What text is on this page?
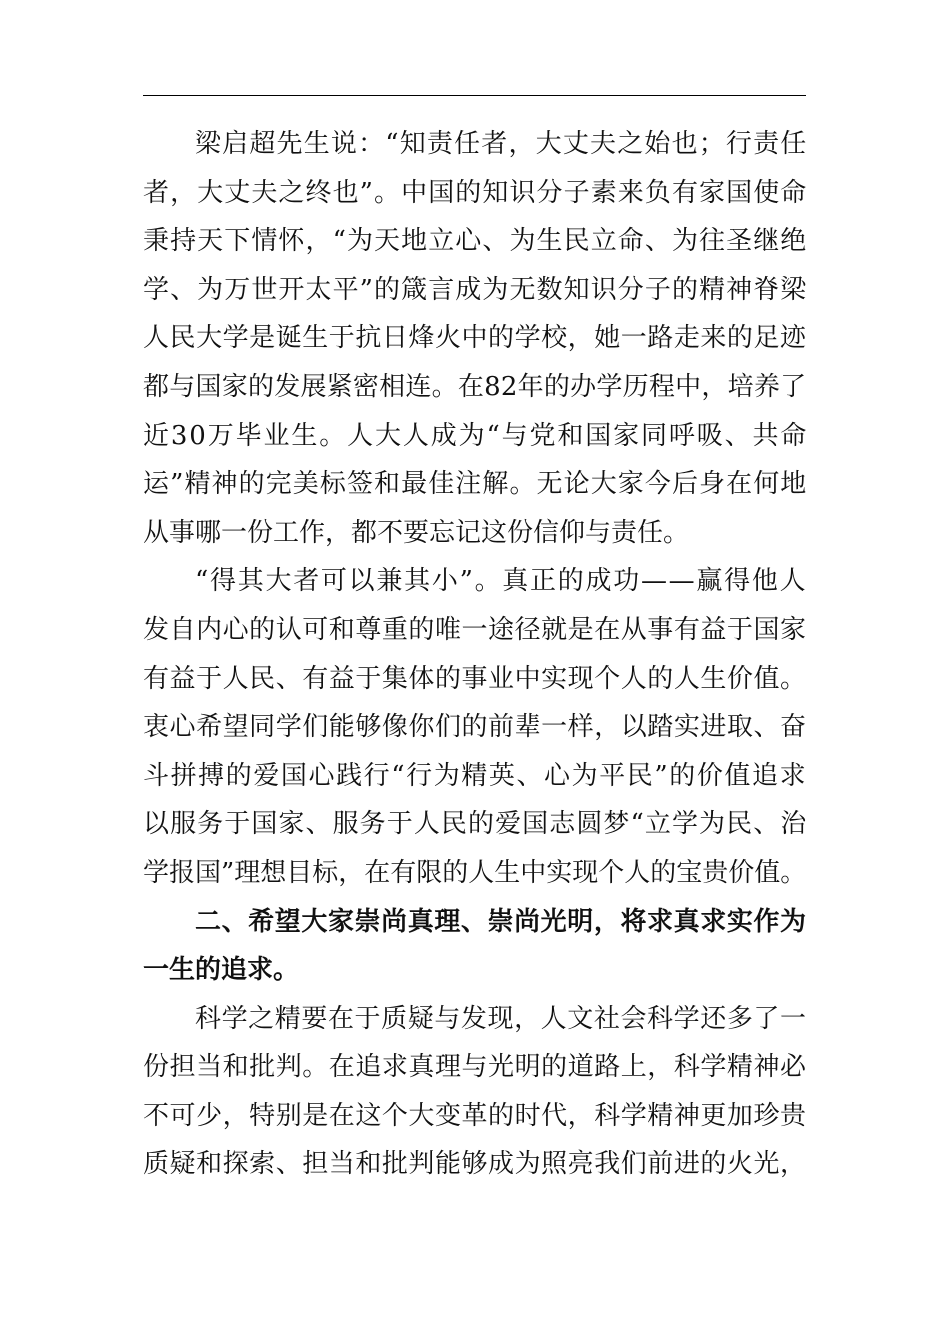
梁启超先生说：“知责任者，大丈夫之始也；行责任
者，大丈夫之终也”。中国的知识分子素来负有家国使命
秉持天下情怀，“为天地立心、为生民立命、为往圣继绝
学、为万世开太平”的箴言成为无数知识分子的精神脊梁
人民大学是诞生于抗日烽火中的学校，她一路走来的足迹
都与国家的发展紧密相连。在82年的办学历程中，培养了
近30万毕业生。人大人成为“与党和国家同呼吸、共命
运”精神的完美标签和最佳注解。无论大家今后身在何地
从事哪一份工作，都不要忘记这份信仰与责任。
“得其大者可以兼其小”。真正的成功——赢得他人
发自内心的认可和尊重的唯一途径就是在从事有益于国家
有益于人民、有益于集体的事业中实现个人的人生价值。
衷心希望同学们能够像你们的前辈一样，以踏实进取、奋
斗拼搏的爱国心践行“行为精英、心为平民”的价值追求
以服务于国家、服务于人民的爱国志圆梦“立学为民、治
学报国”理想目标，在有限的人生中实现个人的宝贵价值。
二、希望大家崇尚真理、崇尚光明，将求真求实作为
一生的追求。
科学之精要在于质疑与发现，人文社会科学还多了一
份担当和批判。在追求真理与光明的道路上，科学精神必
不可少，特别是在这个大变革的时代，科学精神更加珍贵
质疑和探索、担当和批判能够成为照亮我们前进的火光，
